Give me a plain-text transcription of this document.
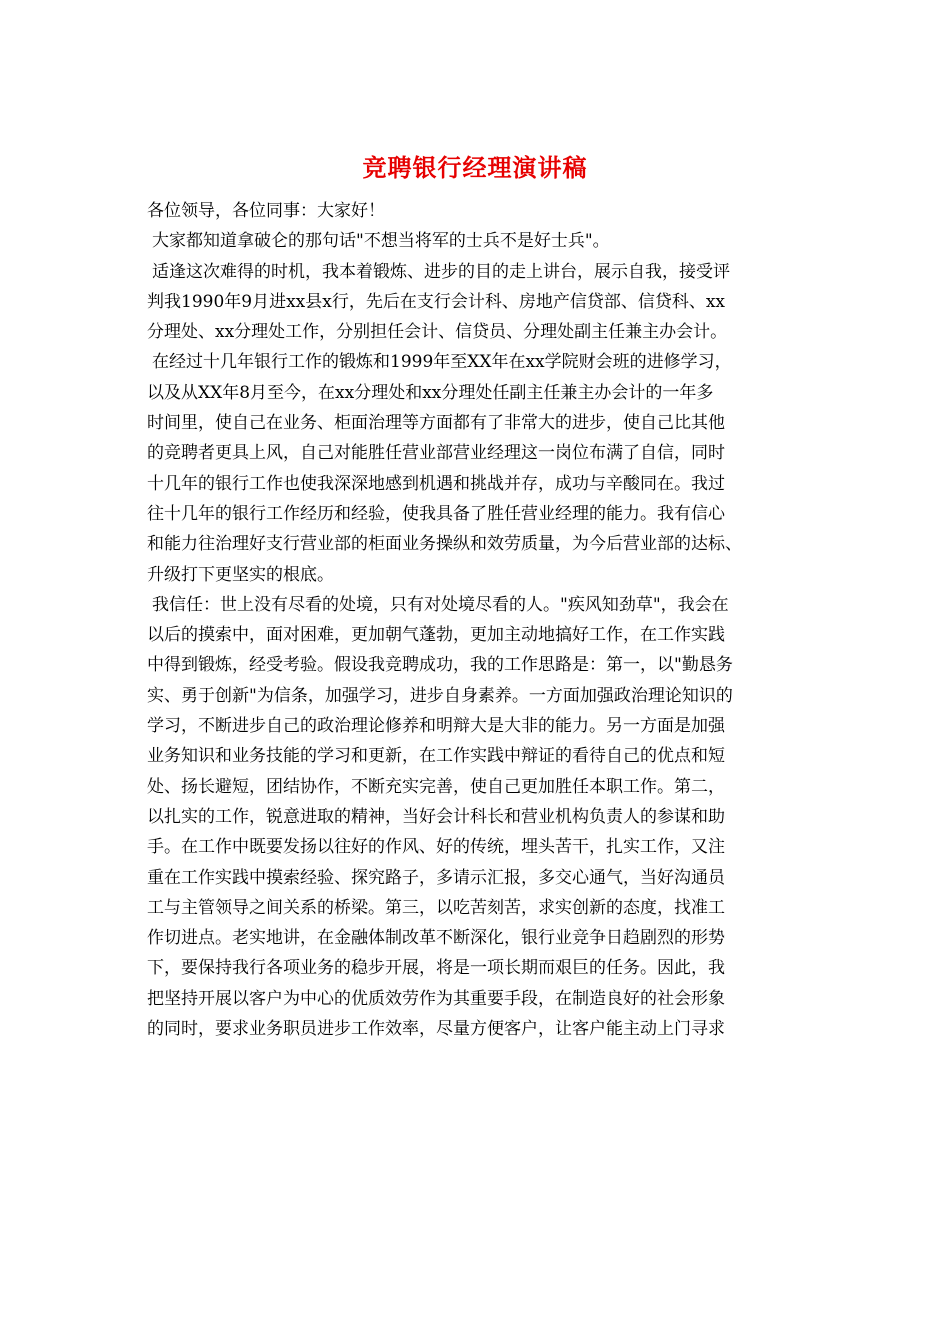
竞聘银行经理演讲稿
各位领导，各位同事：大家好！
大家都知道拿破仑的那句话"不想当将军的士兵不是好士兵"。
适逢这次难得的时机，我本着锻炼、进步的目的走上讲台，展示自我，接受评
判我1990年9月进xx县x行，先后在支行会计科、房地产信贷部、信贷科、xx
分理处、xx分理处工作，分别担任会计、信贷员、分理处副主任兼主办会计。
在经过十几年银行工作的锻炼和1999年至XX年在xx学院财会班的进修学习，
以及从XX年8月至今，在xx分理处和xx分理处任副主任兼主办会计的一年多
时间里，使自己在业务、柜面治理等方面都有了非常大的进步，使自己比其他
的竞聘者更具上风，自己对能胜任营业部营业经理这一岗位布满了自信，同时
十几年的银行工作也使我深深地感到机遇和挑战并存，成功与辛酸同在。我过
往十几年的银行工作经历和经验，使我具备了胜任营业经理的能力。我有信心
和能力往治理好支行营业部的柜面业务操纵和效劳质量，为今后营业部的达标、
升级打下更坚实的根底。
我信任：世上没有尽看的处境，只有对处境尽看的人。"疾风知劲草"，我会在
以后的摸索中，面对困难，更加朝气蓬勃，更加主动地搞好工作，在工作实践
中得到锻炼，经受考验。假设我竞聘成功，我的工作思路是：第一，以"勤恳务
实、勇于创新"为信条，加强学习，进步自身素养。一方面加强政治理论知识的
学习，不断进步自己的政治理论修养和明辩大是大非的能力。另一方面是加强
业务知识和业务技能的学习和更新，在工作实践中辩证的看待自己的优点和短
处、扬长避短，团结协作，不断充实完善，使自己更加胜任本职工作。第二，
以扎实的工作，锐意进取的精神，当好会计科长和营业机构负责人的参谋和助
手。在工作中既要发扬以往好的作风、好的传统，埋头苦干，扎实工作，又注
重在工作实践中摸索经验、探究路子，多请示汇报，多交心通气，当好沟通员
工与主管领导之间关系的桥梁。第三，以吃苦刻苦，求实创新的态度，找准工
作切进点。老实地讲，在金融体制改革不断深化，银行业竞争日趋剧烈的形势
下，要保持我行各项业务的稳步开展，将是一项长期而艰巨的任务。因此，我
把坚持开展以客户为中心的优质效劳作为其重要手段，在制造良好的社会形象
的同时，要求业务职员进步工作效率，尽量方便客户，让客户能主动上门寻求
